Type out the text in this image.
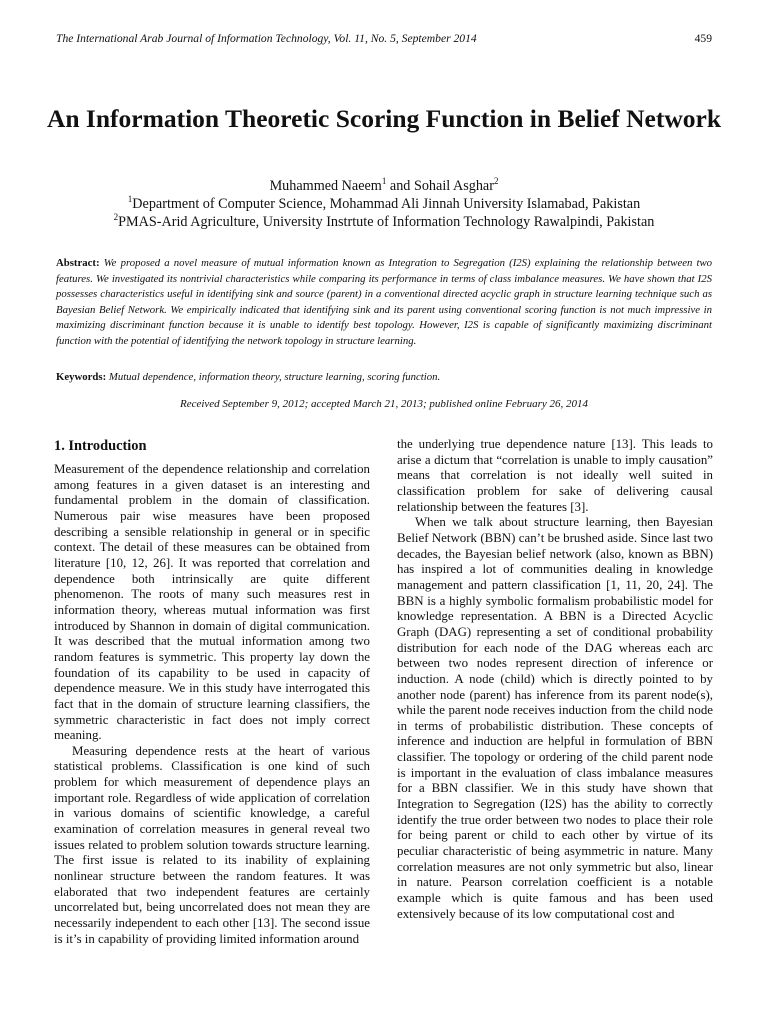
The International Arab Journal of Information Technology, Vol. 11, No. 5, September 2014	459
An Information Theoretic Scoring Function in Belief Network
Muhammed Naeem$^1$ and Sohail Asghar$^2$
$^1$Department of Computer Science, Mohammad Ali Jinnah University Islamabad, Pakistan
$^2$PMAS-Arid Agriculture, University Instrtute of Information Technology Rawalpindi, Pakistan

Abstract: We proposed a novel measure of mutual information known as Integration to Segregation (I2S) explaining the relationship between two features. We investigated its nontrivial characteristics while comparing its performance in terms of class imbalance measures. We have shown that I2S possesses characteristics useful in identifying sink and source (parent) in a conventional directed acyclic graph in structure learning technique such as Bayesian Belief Network. We empirically indicated that identifying sink and its parent using conventional scoring function is not much impressive in maximizing discriminant function because it is unable to identify best topology. However, I2S is capable of significantly maximizing discriminant function with the potential of identifying the network topology in structure learning.

Keywords: Mutual dependence, information theory, structure learning, scoring function.

Received September 9, 2012; accepted March 21, 2013; published online February 26, 2014

1. Introduction

Measurement of the dependence relationship and correlation among features in a given dataset is an interesting and fundamental problem in the domain of classification. Numerous pair wise measures have been proposed describing a sensible relationship in general or in specific context. The detail of these measures can be obtained from literature [10, 12, 26]. It was reported that correlation and dependence both intrinsically are quite different phenomenon. The roots of many such measures rest in information theory, whereas mutual information was first introduced by Shannon in domain of digital communication. It was described that the mutual information among two random features is symmetric. This property lay down the foundation of its capability to be used in capacity of dependence measure. We in this study have interrogated this fact that in the domain of structure learning classifiers, the symmetric characteristic in fact does not imply correct meaning.

Measuring dependence rests at the heart of various statistical problems. Classification is one kind of such problem for which measurement of dependence plays an important role. Regardless of wide application of correlation in various domains of scientific knowledge, a careful examination of correlation measures in general reveal two issues related to problem solution towards structure learning. The first issue is related to its inability of explaining nonlinear structure between the random features. It was elaborated that two independent features are certainly uncorrelated but, being uncorrelated does not mean they are necessarily independent to each other [13]. The second issue is it’s in capability of providing limited information around

the underlying true dependence nature [13]. This leads to arise a dictum that “correlation is unable to imply causation” means that correlation is not ideally well suited in classification problem for sake of delivering causal relationship between the features [3].

When we talk about structure learning, then Bayesian Belief Network (BBN) can’t be brushed aside. Since last two decades, the Bayesian belief network (also, known as BBN) has inspired a lot of communities dealing in knowledge management and pattern classification [1, 11, 20, 24]. The BBN is a highly symbolic formalism probabilistic model for knowledge representation. A BBN is a Directed Acyclic Graph (DAG) representing a set of conditional probability distribution for each node of the DAG whereas each arc between two nodes represent direction of inference or induction. A node (child) which is directly pointed to by another node (parent) has inference from its parent node(s), while the parent node receives induction from the child node in terms of probabilistic distribution. These concepts of inference and induction are helpful in formulation of BBN classifier. The topology or ordering of the child parent node is important in the evaluation of class imbalance measures for a BBN classifier. We in this study have shown that Integration to Segregation (I2S) has the ability to correctly identify the true order between two nodes to place their role for being parent or child to each other by virtue of its peculiar characteristic of being asymmetric in nature. Many correlation measures are not only symmetric but also, linear in nature. Pearson correlation coefficient is a notable example which is quite famous and has been used extensively because of its low computational cost and
